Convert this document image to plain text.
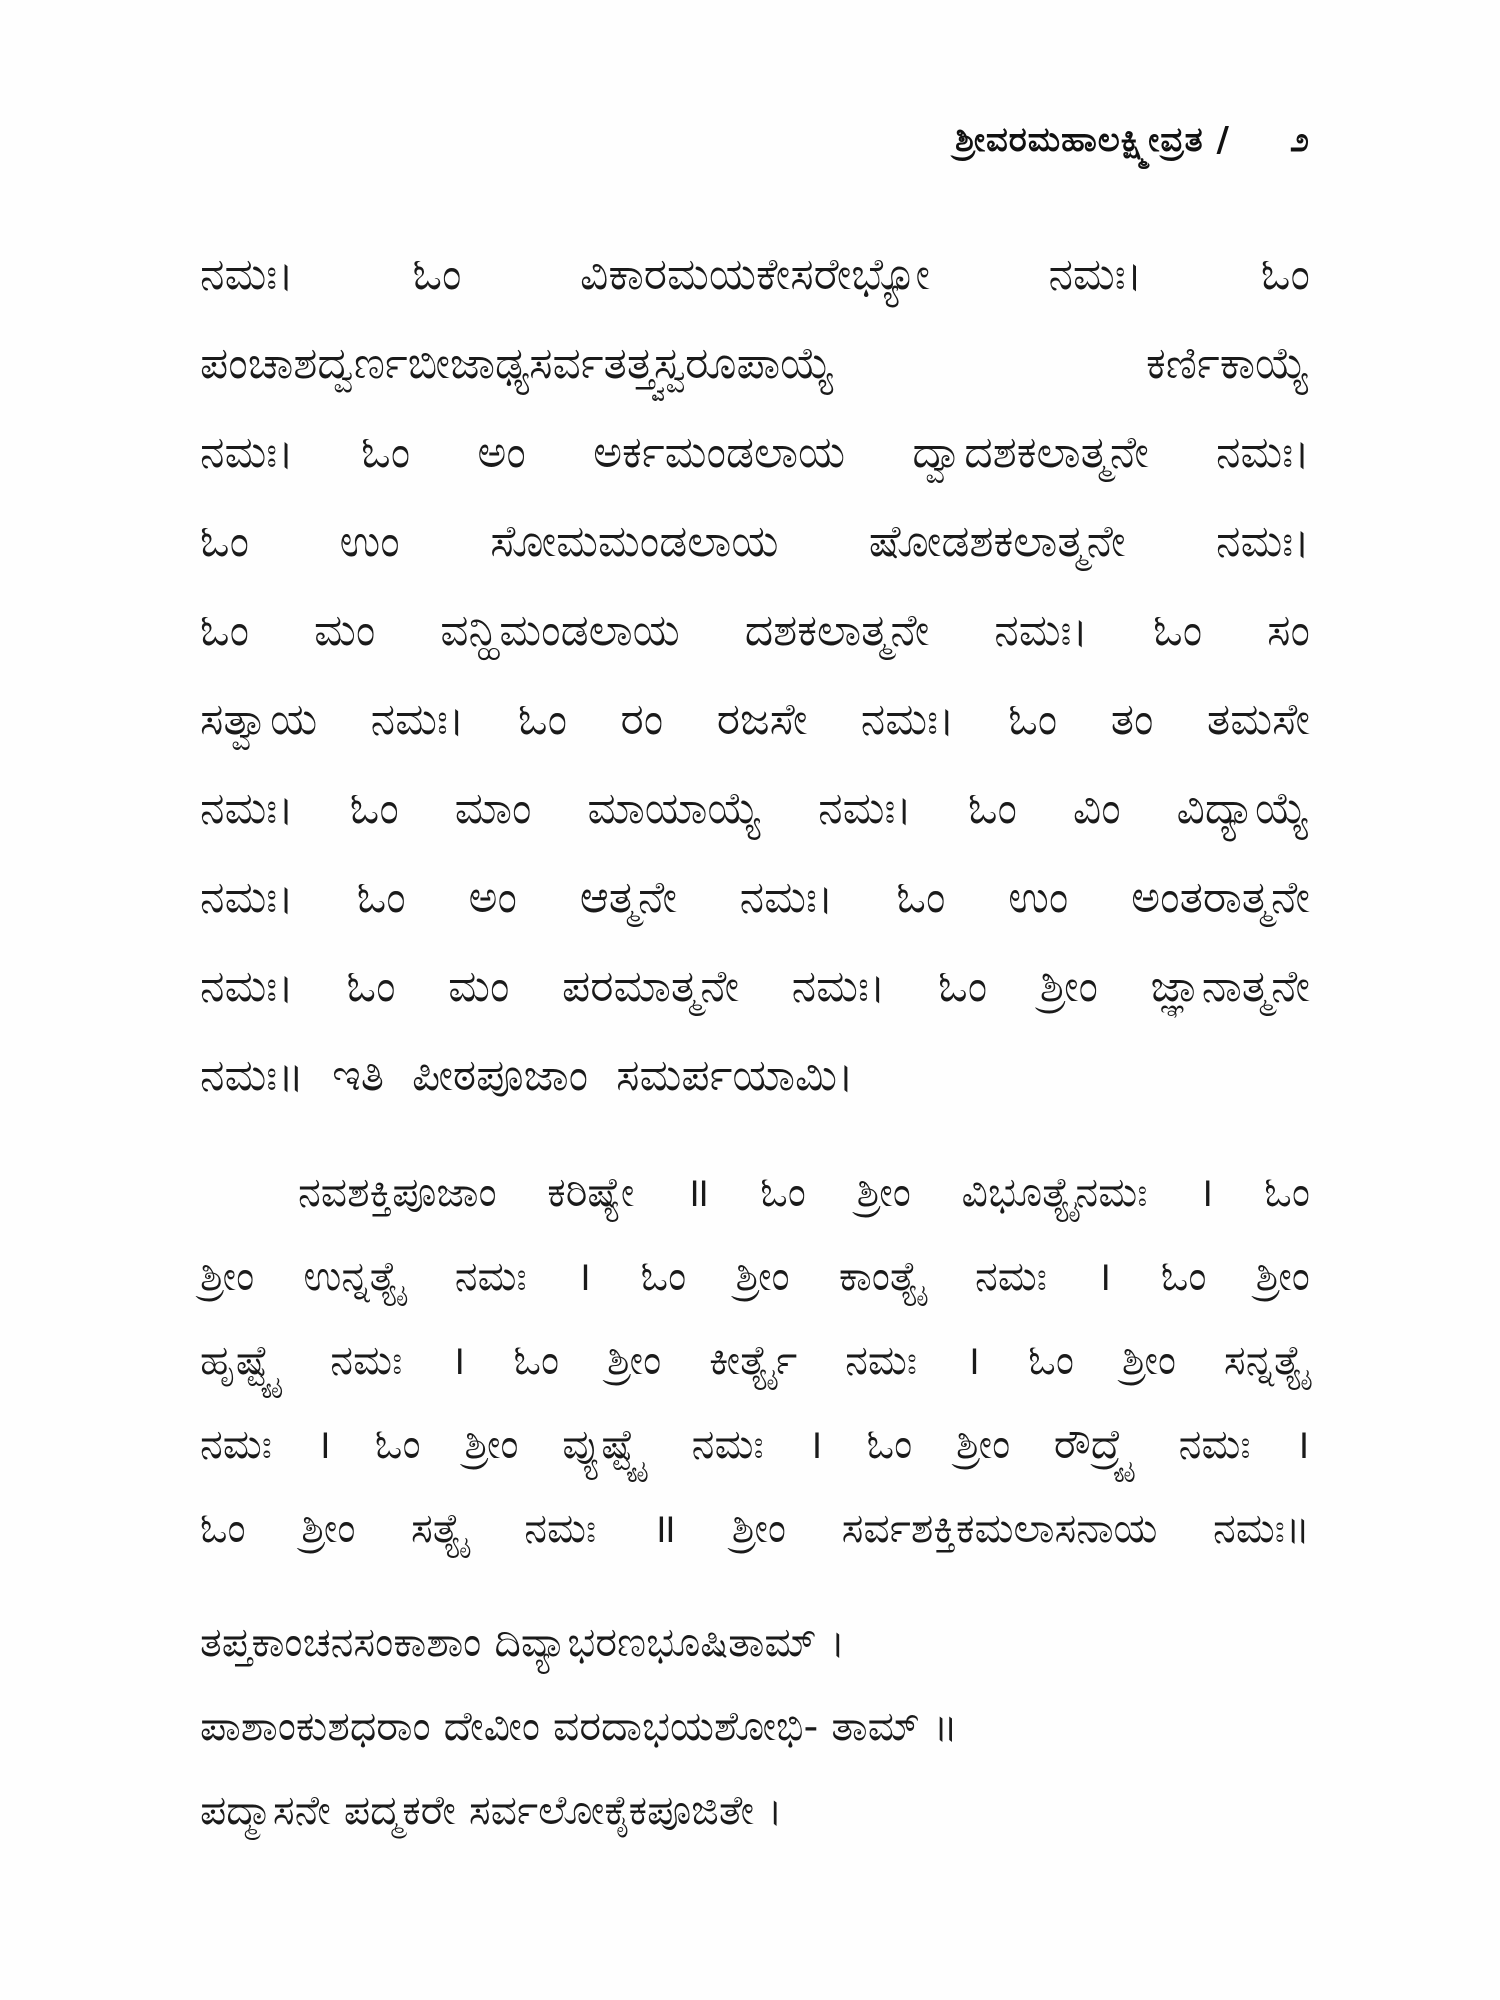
ಶ್ರೀವರಮಹಾಲಕ್ಷ್ಮೀವ್ರತ / ೨
ನಮಃ।	ಓಂ	ವಿಕಾರಮಯಕೇಸರೇಭ್ಯೋ	ನಮಃ।	ಓಂ
ಪಂಚಾಶದ್ವರ್ಣಬೀಜಾಢ್ಯಸರ್ವತತ್ತ್ವಸ್ವರೂಪಾಯ್ಯೆ	ಕರ್ಣಿಕಾಯ್ಯೆ
ನಮಃ। ಓಂ ಅಂ ಅರ್ಕಮಂಡಲಾಯ ದ್ವಾದಶಕಲಾತ್ಮನೇ ನಮಃ।
ಓಂ ಉಂ ಸೋಮಮಂಡಲಾಯ ಷೋಡಶಕಲಾತ್ಮನೇ ನಮಃ।
ಓಂ ಮಂ ವನ್ಹಿಮಂಡಲಾಯ ದಶಕಲಾತ್ಮನೇ ನಮಃ। ಓಂ ಸಂ
ಸತ್ವಾಯ ನಮಃ। ಓಂ ರಂ ರಜಸೇ ನಮಃ। ಓಂ ತಂ ತಮಸೇ
ನಮಃ। ಓಂ ಮಾಂ ಮಾಯಾಯ್ಯೆ ನಮಃ। ಓಂ ವಿಂ ವಿದ್ಯಾಯ್ಯೆ
ನಮಃ। ಓಂ ಅಂ ಆತ್ಮನೇ ನಮಃ। ಓಂ ಉಂ ಅಂತರಾತ್ಮನೇ
ನಮಃ। ಓಂ ಮಂ ಪರಮಾತ್ಮನೇ ನಮಃ। ಓಂ ಶ್ರೀಂ ಜ್ಞಾನಾತ್ಮನೇ
ನಮಃ॥ ಇತಿ ಪೀಠಪೂಜಾಂ ಸಮರ್ಪಯಾಮಿ।
ನವಶಕ್ತಿಪೂಜಾಂ ಕರಿಷ್ಯೇ ॥ ಓಂ ಶ್ರೀಂ ವಿಭೂತ್ಯೈನಮಃ । ಓಂ
ಶ್ರೀಂ ಉನ್ನತ್ಯೈ ನಮಃ । ಓಂ ಶ್ರೀಂ ಕಾಂತ್ಯೈ ನಮಃ । ಓಂ ಶ್ರೀಂ
ಹೃಷ್ಟ್ಯೈ ನಮಃ । ಓಂ ಶ್ರೀಂ ಕೀರ್ತ್ಯೈ ನಮಃ । ಓಂ ಶ್ರೀಂ ಸನ್ನತ್ಯೈ
ನಮಃ । ಓಂ ಶ್ರೀಂ ವ್ಯುಷ್ಟ್ಯೈ ನಮಃ । ಓಂ ಶ್ರೀಂ ರೌದ್ರ್ಯೈ ನಮಃ ।
ಓಂ ಶ್ರೀಂ ಸತ್ಯೈ ನಮಃ ॥ ಶ್ರೀಂ ಸರ್ವಶಕ್ತಿಕಮಲಾಸನಾಯ ನಮಃ॥
ತಪ್ತಕಾಂಚನಸಂಕಾಶಾಂ ದಿವ್ಯಾಭರಣಭೂಷಿತಾಮ್ ।
ಪಾಶಾಂಕುಶಧರಾಂ ದೇವೀಂ ವರದಾಭಯಶೋಭಿ- ತಾಮ್ ॥
ಪದ್ಮಾಸನೇ ಪದ್ಮಕರೇ ಸರ್ವಲೋಕೈಕಪೂಜಿತೇ ।
